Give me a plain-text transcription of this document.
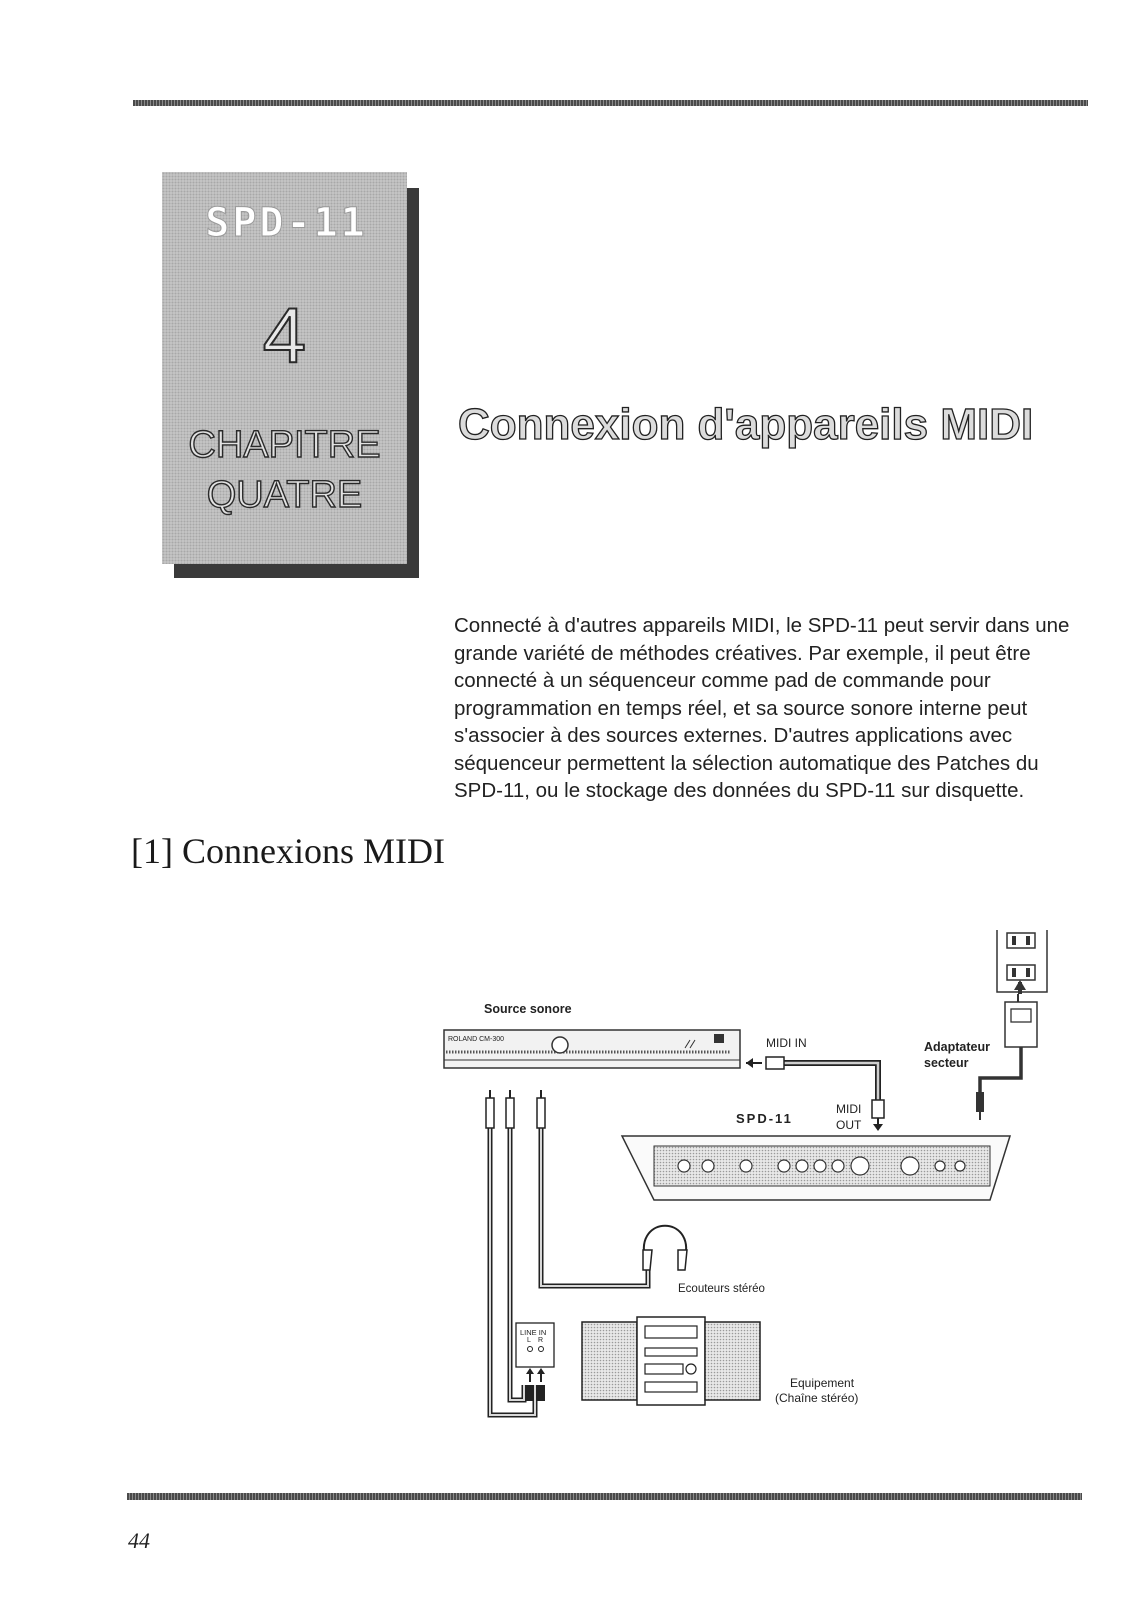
SPD-11
4
CHAPITRE
QUATRE
Connexion d'appareils MIDI

Connecté à d'autres appareils MIDI, le SPD-11 peut servir dans une grande variété de méthodes créatives. Par exemple, il peut être connecté à un séquenceur comme pad de commande pour programmation en temps réel, et sa source sonore interne peut s'associer à des sources externes. D'autres applications avec séquenceur permettent la sélection automatique des Patches du SPD-11, ou le stockage des données du SPD-11 sur disquette.

[1] Connexions MIDI
Source sonore
ROLAND CM-300	MIDI IN	Adaptateur
secteur
SPD-11
MIDI
OUT
Ecouteurs stéréo
LINE IN
L R
Equipement
(Chaîne stéréo)
44
